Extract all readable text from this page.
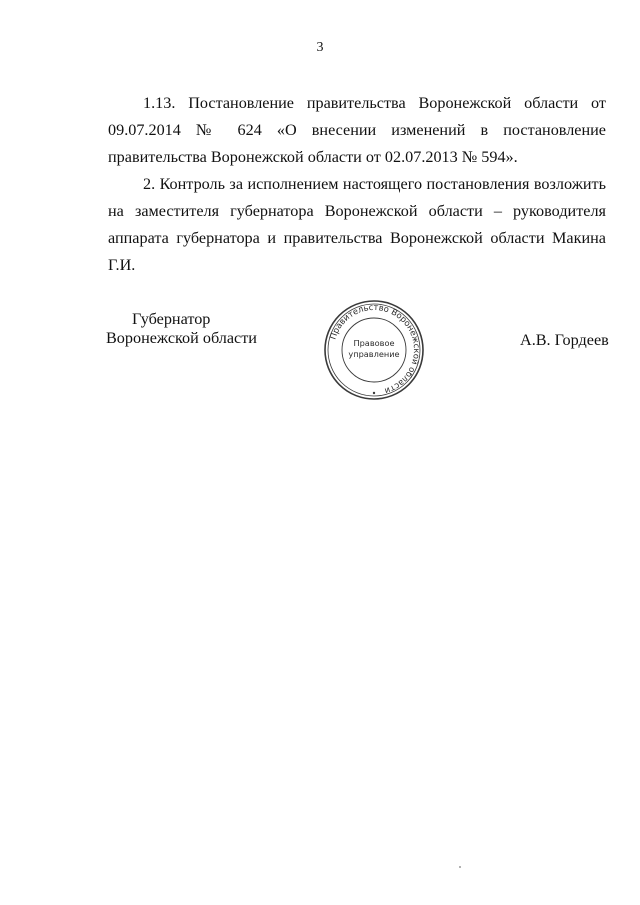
3

1.13. Постановление правительства Воронежской области от 09.07.2014 № 624 «О внесении изменений в постановление правительства Воронежской области от 02.07.2013 № 594».

2. Контроль за исполнением настоящего постановления возложить на заместителя губернатора Воронежской области – руководителя аппарата губернатора и правительства Воронежской области Макина Г.И.

Губернатор
Воронежской области	Правительство Воронежской области
Правовое
управление
А.В. Гордеев
